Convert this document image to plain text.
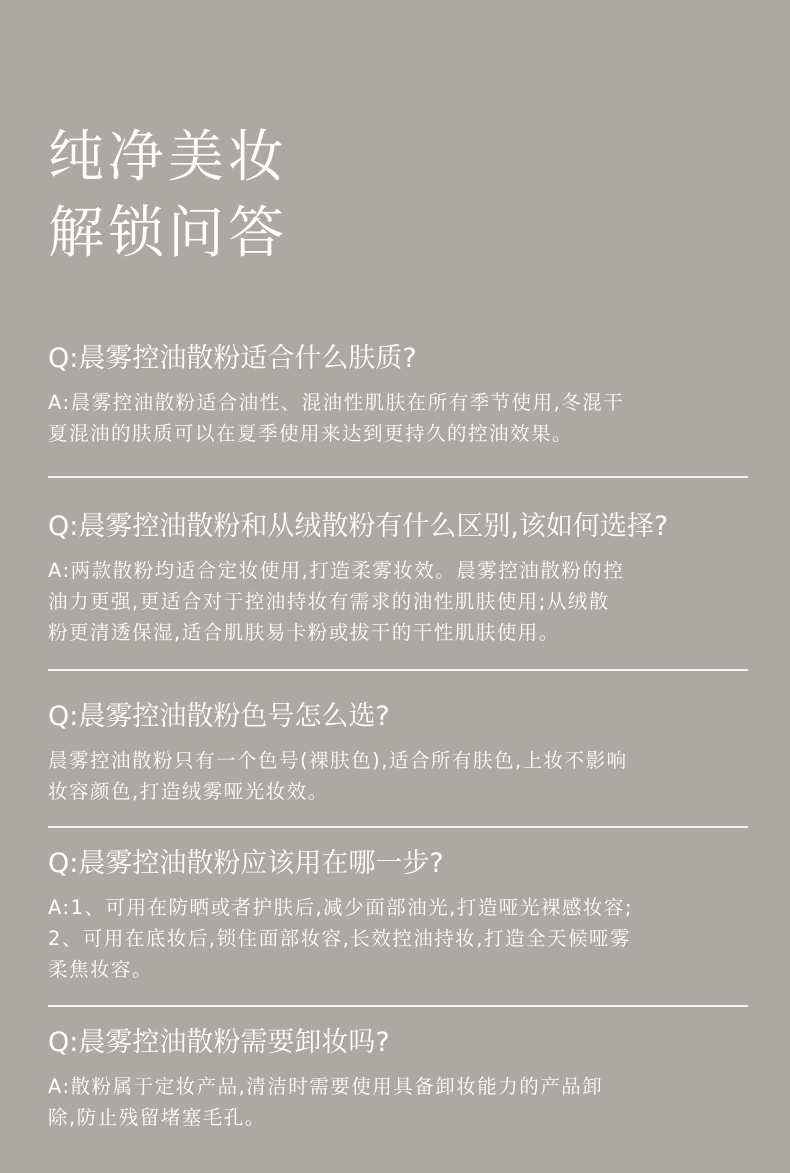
纯净美妆
解锁问答
Q:晨雾控油散粉适合什么肤质?

A:晨雾控油散粉适合油性、混油性肌肤在所有季节使用,冬混干
夏混油的肤质可以在夏季使用来达到更持久的控油效果。

Q:晨雾控油散粉和从绒散粉有什么区别,该如何选择?

A:两款散粉均适合定妆使用,打造柔雾妆效。晨雾控油散粉的控
油力更强,更适合对于控油持妆有需求的油性肌肤使用;从绒散
粉更清透保湿,适合肌肤易卡粉或拔干的干性肌肤使用。

Q:晨雾控油散粉色号怎么选?

晨雾控油散粉只有一个色号(裸肤色),适合所有肤色,上妆不影响
妆容颜色,打造绒雾哑光妆效。

Q:晨雾控油散粉应该用在哪一步?

A:1、可用在防晒或者护肤后,减少面部油光,打造哑光裸感妆容;
2、可用在底妆后,锁住面部妆容,长效控油持妆,打造全天候哑雾
柔焦妆容。

Q:晨雾控油散粉需要卸妆吗?

A:散粉属于定妆产品,清洁时需要使用具备卸妆能力的产品卸
除,防止残留堵塞毛孔。
